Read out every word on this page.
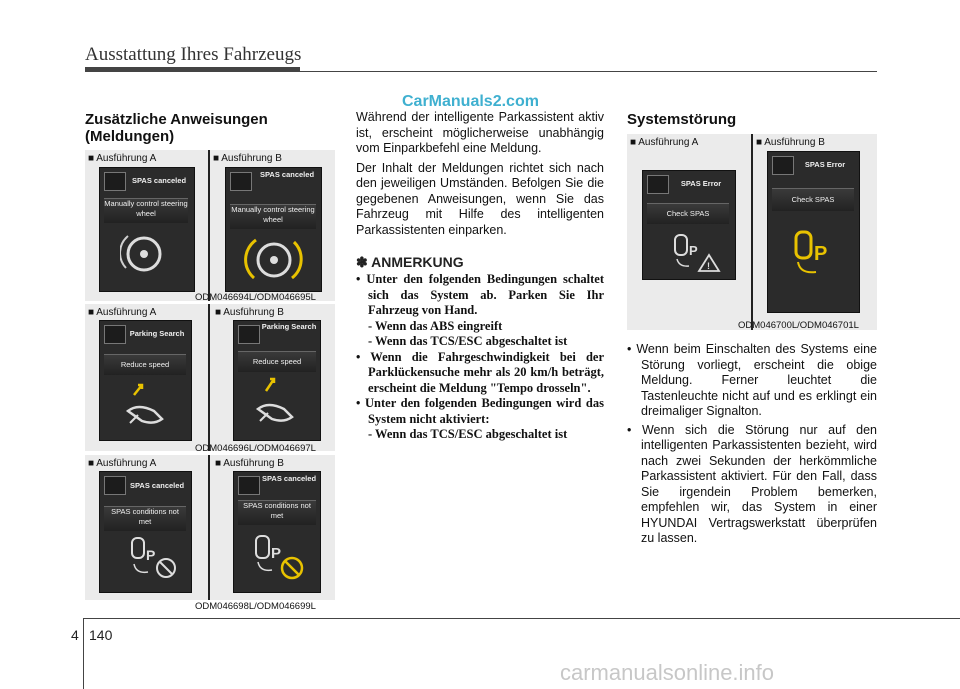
Ausstattung Ihres Fahrzeugs
CarManuals2.com
Zusätzliche Anweisungen
(Meldungen)
■ Ausführung A	■ Ausführung B
SPAS canceled
Manually control steering wheel
SPAS canceled
Manually control steering wheel
ODM046694L/ODM046695L
■ Ausführung A	■ Ausführung B
Parking Search
Reduce speed
Parking Search
Reduce speed
ODM046696L/ODM046697L
■ Ausführung A	■ Ausführung B
SPAS canceled
SPAS conditions not met
P
SPAS canceled
SPAS conditions not met
P
ODM046698L/ODM046699L
Während der intelligente Parkassistent aktiv ist, erscheint möglicherweise unabhängig vom Einparkbefehl eine Meldung.
Der Inhalt der Meldungen richtet sich nach den jeweiligen Umständen. Befolgen Sie die gegebenen Anweisungen, wenn Sie das Fahrzeug mit Hilfe des intelligenten Parkassistenten einparken.
✽ ANMERKUNG
• Unter den folgenden Bedingungen schaltet sich das System ab. Parken Sie Ihr Fahrzeug von Hand.
- Wenn das ABS eingreift
- Wenn das TCS/ESC abgeschaltet ist
• Wenn die Fahrgeschwindigkeit bei der Parklückensuche mehr als 20 km/h beträgt, erscheint die Meldung "Tempo drosseln".
• Unter den folgenden Bedingungen wird das System nicht aktiviert:
- Wenn das TCS/ESC abgeschaltet ist
Systemstörung
■ Ausführung A	■ Ausführung B
SPAS Error
Check SPAS
P
!
SPAS Error
Check SPAS
P
ODM046700L/ODM046701L
• Wenn beim Einschalten des Systems eine Störung vorliegt, erscheint die obige Meldung. Ferner leuchtet die Tastenleuchte nicht auf und es erklingt ein dreimaliger Signalton.
• Wenn sich die Störung nur auf den intelligenten Parkassistenten bezieht, wird nach zwei Sekunden der herkömmliche Parkassistent aktiviert. Für den Fall, dass Sie irgendein Problem bemerken, empfehlen wir, das System in einer HYUNDAI Vertragswerkstatt überprüfen zu lassen.
4 140
carmanualsonline.info
